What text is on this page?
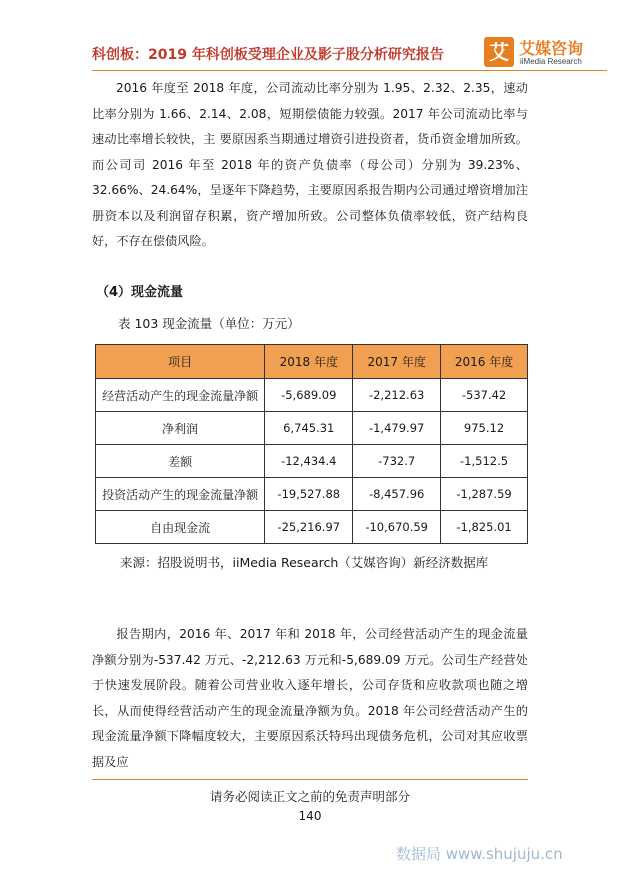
科创板：2019 年科创板受理企业及影子股分析研究报告 艾 艾媒咨询
iiMedia Research
2016 年度至 2018 年度，公司流动比率分别为 1.95、2.32、2.35，速动比率分别为 1.66、2.14、2.08，短期偿债能力较强。2017 年公司流动比率与速动比率增长较快，主 要原因系当期通过增资引进投资者，货币资金增加所致。而公司司 2016 年至 2018 年的资产负债率（母公司）分别为 39.23%、32.66%、24.64%，呈逐年下降趋势，主要原因系报告期内公司通过增资增加注册资本以及利润留存积累，资产增加所致。公司整体负债率较低，资产结构良好，不存在偿债风险。
（4）现金流量
表 103 现金流量（单位：万元）
项目	2018 年度	2017 年度	2016 年度
经营活动产生的现金流量净额	-5,689.09	-2,212.63	-537.42
净利润	6,745.31	-1,479.97	975.12
差额	-12,434.4	-732.7	-1,512.5
投资活动产生的现金流量净额	-19,527.88	-8,457.96	-1,287.59
自由现金流	-25,216.97	-10,670.59	-1,825.01
来源：招股说明书，iiMedia Research（艾媒咨询）新经济数据库
报告期内，2016 年、2017 年和 2018 年，公司经营活动产生的现金流量净额分别为-537.42 万元、-2,212.63 万元和-5,689.09 万元。公司生产经营处于快速发展阶段。随着公司营业收入逐年增长，公司存货和应收款项也随之增长，从而使得经营活动产生的现金流量净额为负。2018 年公司经营活动产生的现金流量净额下降幅度较大，主要原因系沃特玛出现债务危机，公司对其应收票据及应
请务必阅读正文之前的免责声明部分
140
数据局 www.shujuju.cn
